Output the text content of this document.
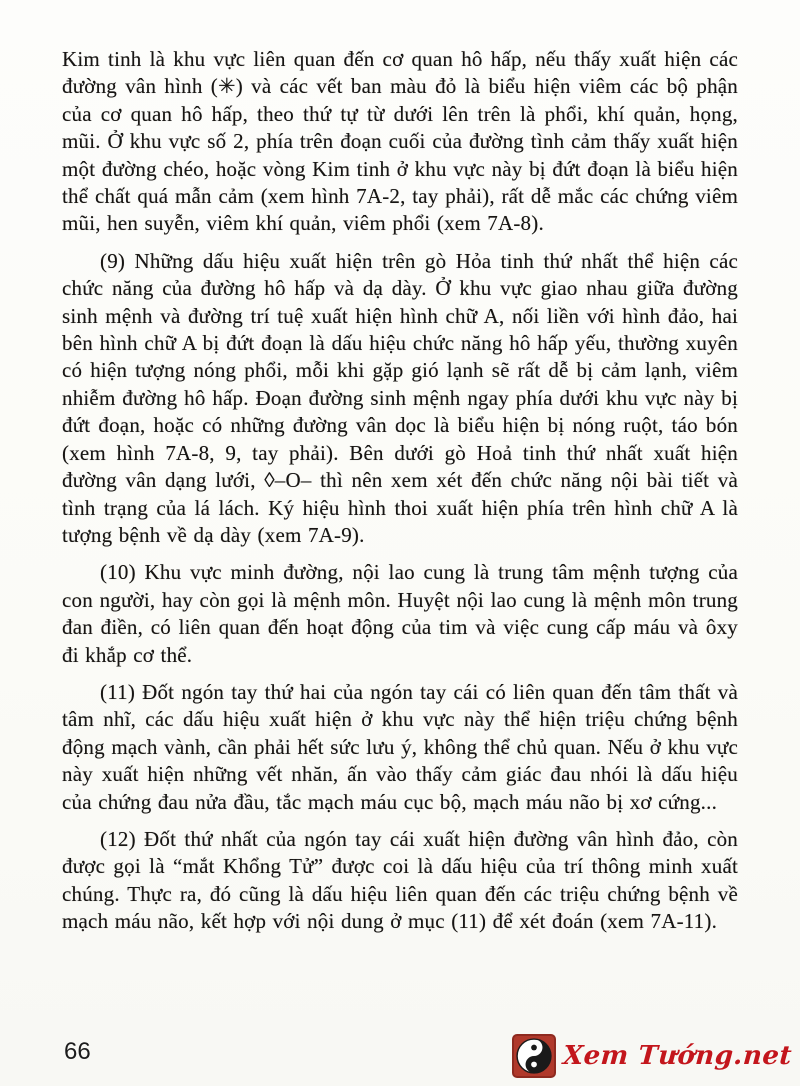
Kim tinh là khu vực liên quan đến cơ quan hô hấp, nếu thấy xuất hiện các đường vân hình (✳) và các vết ban màu đỏ là biểu hiện viêm các bộ phận của cơ quan hô hấp, theo thứ tự từ dưới lên trên là phổi, khí quản, họng, mũi. Ở khu vực số 2, phía trên đoạn cuối của đường tình cảm thấy xuất hiện một đường chéo, hoặc vòng Kim tinh ở khu vực này bị đứt đoạn là biểu hiện thể chất quá mẫn cảm (xem hình 7A-2, tay phải), rất dễ mắc các chứng viêm mũi, hen suyễn, viêm khí quản, viêm phổi (xem 7A-8).

(9) Những dấu hiệu xuất hiện trên gò Hỏa tinh thứ nhất thể hiện các chức năng của đường hô hấp và dạ dày. Ở khu vực giao nhau giữa đường sinh mệnh và đường trí tuệ xuất hiện hình chữ A, nối liền với hình đảo, hai bên hình chữ A bị đứt đoạn là dấu hiệu chức năng hô hấp yếu, thường xuyên có hiện tượng nóng phổi, mỗi khi gặp gió lạnh sẽ rất dễ bị cảm lạnh, viêm nhiễm đường hô hấp. Đoạn đường sinh mệnh ngay phía dưới khu vực này bị đứt đoạn, hoặc có những đường vân dọc là biểu hiện bị nóng ruột, táo bón (xem hình 7A-8, 9, tay phải). Bên dưới gò Hoả tinh thứ nhất xuất hiện đường vân dạng lưới, ◊–O– thì nên xem xét đến chức năng nội bài tiết và tình trạng của lá lách. Ký hiệu hình thoi xuất hiện phía trên hình chữ A là tượng bệnh về dạ dày (xem 7A-9).

(10) Khu vực minh đường, nội lao cung là trung tâm mệnh tượng của con người, hay còn gọi là mệnh môn. Huyệt nội lao cung là mệnh môn trung đan điền, có liên quan đến hoạt động của tim và việc cung cấp máu và ôxy đi khắp cơ thể.

(11) Đốt ngón tay thứ hai của ngón tay cái có liên quan đến tâm thất và tâm nhĩ, các dấu hiệu xuất hiện ở khu vực này thể hiện triệu chứng bệnh động mạch vành, cần phải hết sức lưu ý, không thể chủ quan. Nếu ở khu vực này xuất hiện những vết nhăn, ấn vào thấy cảm giác đau nhói là dấu hiệu của chứng đau nửa đầu, tắc mạch máu cục bộ, mạch máu não bị xơ cứng...

(12) Đốt thứ nhất của ngón tay cái xuất hiện đường vân hình đảo, còn được gọi là “mắt Khổng Tử” được coi là dấu hiệu của trí thông minh xuất chúng. Thực ra, đó cũng là dấu hiệu liên quan đến các triệu chứng bệnh về mạch máu não, kết hợp với nội dung ở mục (11) để xét đoán (xem 7A-11).

66	Xem Tướng.net
